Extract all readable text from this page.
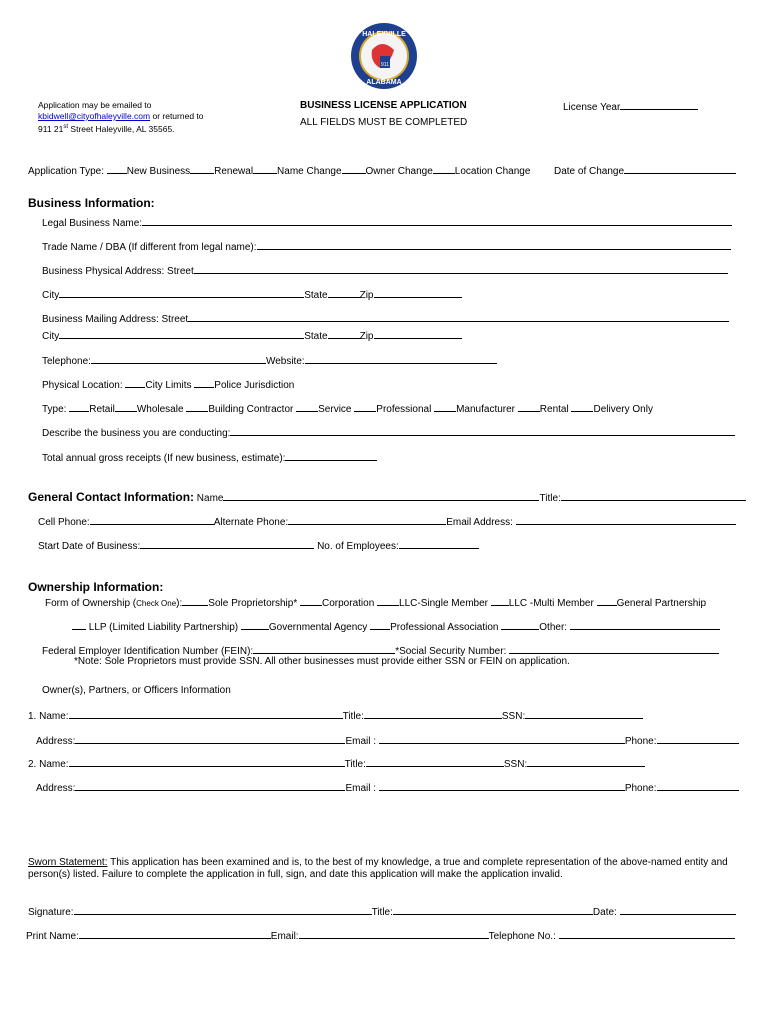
911
HALEYVILLE
ALABAMA
Application may be emailed to
kbidwell@cityofhaleyville.com or returned to
911 21st Street Haleyville, AL 35565.
BUSINESS LICENSE APPLICATION
ALL FIELDS MUST BE COMPLETED
License Year
Application Type: New Business Renewal Name Change Owner Change Location Change Date of Change
Business Information:
Legal Business Name:
Trade Name / DBA (If different from legal name):
Business Physical Address: Street
City	State	Zip
Business Mailing Address: Street
City	State	Zip
Telephone:	Website:
Physical Location: City Limits Police Jurisdiction
Type: Retail Wholesale Building Contractor Service Professional Manufacturer Rental Delivery Only
Describe the business you are conducting:
Total annual gross receipts (If new business, estimate):
General Contact Information: Name	Title:
Cell Phone:	Alternate Phone:	Email Address:
Start Date of Business:	No. of Employees:
Ownership Information:
Form of Ownership (Check One):	Sole Proprietorship* Corporation LLC-Single Member LLC -Multi Member General Partnership
LLP (Limited Liability Partnership)	Governmental Agency Professional Association	Other:
Federal Employer Identification Number (FEIN):	*Social Security Number:
*Note: Sole Proprietors must provide SSN. All other businesses must provide either SSN or FEIN on application.
Owner(s), Partners, or Officers Information
1. Name:	Title:	SSN:
Address:	Email :	Phone:
2. Name:	Title:	SSN:
Address:	Email :	Phone:
Sworn Statement: This application has been examined and is, to the best of my knowledge, a true and complete representation of the above-named entity and person(s) listed. Failure to complete the application in full, sign, and date this application will make the application invalid.
Signature:	Title:	Date:
Print Name:	Email:	Telephone No.:
